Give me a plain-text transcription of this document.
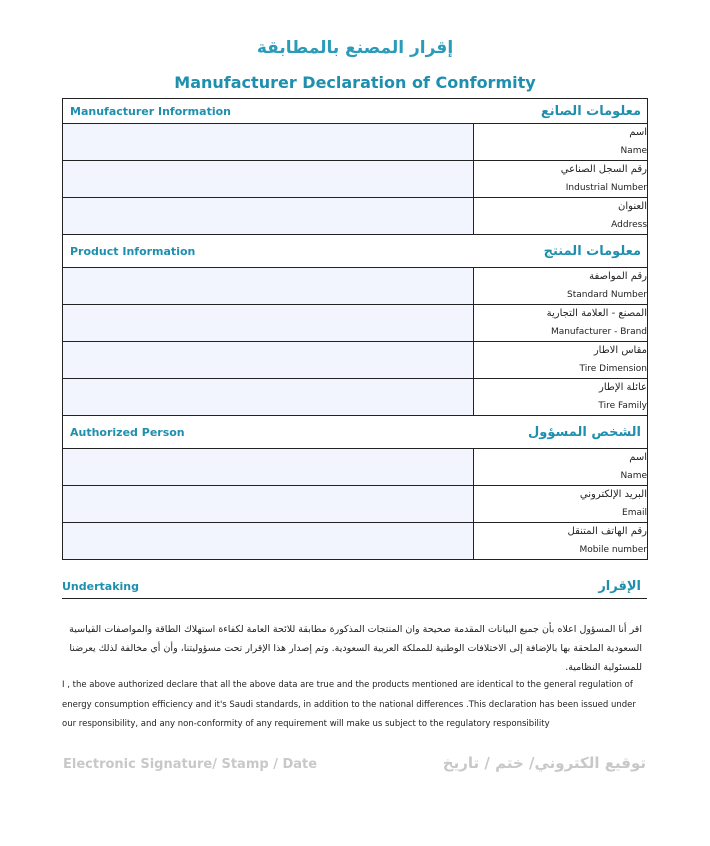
إقرار المصنع بالمطابقة
Manufacturer Declaration of Conformity
Manufacturer Information معلومات الصانع	

	اسم
Name

	رقم السجل الصناعي
Industrial Number

	العنوان
Address

Product Information معلومات المنتج	

	رقم المواصفة
Standard Number

	المصنع - العلامة التجارية
Manufacturer - Brand

	مقاس الاطار
Tire Dimension

	عائلة الإطار
Tire Family

Authorized Person الشخص المسؤول	

	اسم
Name

	البريد الإلكتروني
Email

	رقم الهاتف المتنقل
Mobile number
Undertaking	الإقرار
اقر أنا المسؤول اعلاه بأن جميع البيانات المقدمة صحيحة وان المنتجات المذكورة مطابقة للائحة العامة لكفاءة استهلاك الطاقة والمواصفات القياسية السعودية الملحقة بها بالإضافة إلى الاختلافات الوطنية للمملكة العربية السعودية. وتم إصدار هذا الإقرار تحت مسؤوليتنا، وأن أي مخالفة لذلك يعرضنا للمسئولية النظامية.
I , the above authorized declare that all the above data are true and the products mentioned are identical to the general regulation of energy consumption efficiency and it's Saudi standards, in addition to the national differences .This declaration has been issued under our responsibility, and any non-conformity of any requirement will make us subject to the regulatory responsibility
Electronic Signature/ Stamp / Date	توقيع الكتروني/ ختم / تاريخ
